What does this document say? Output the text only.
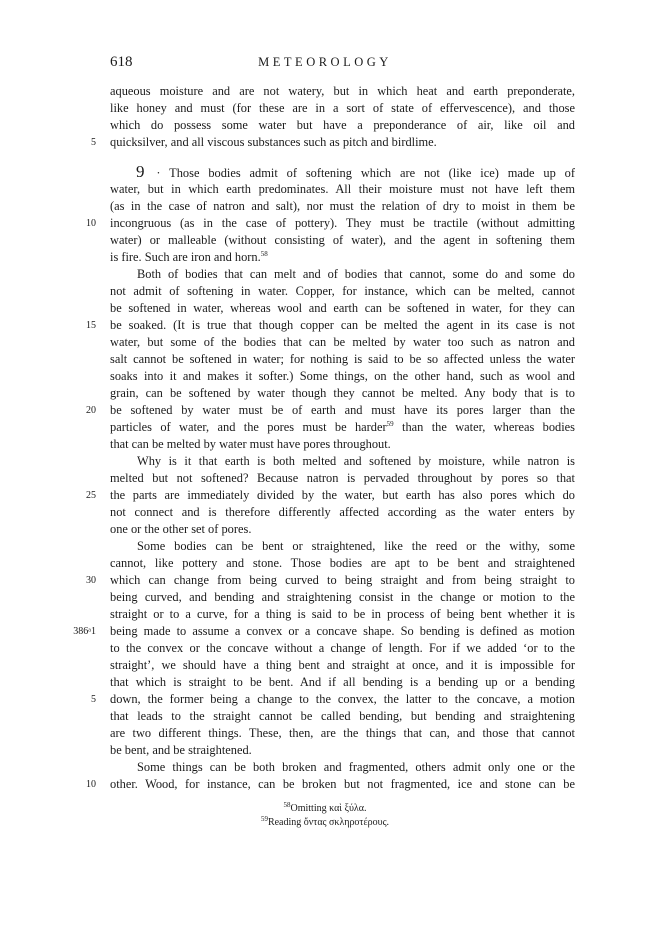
618	METEOROLOGY
aqueous moisture and are not watery, but in which heat and earth preponderate,
like honey and must (for these are in a sort of state of effervescence), and those
which do possess some water but have a preponderance of air, like oil and
quicksilver, and all viscous substances such as pitch and birdlime.
9 · Those bodies admit of softening which are not (like ice) made up of
water, but in which earth predominates. All their moisture must not have left them
(as in the case of natron and salt), nor must the relation of dry to moist in them be
incongruous (as in the case of pottery). They must be tractile (without admitting
water) or malleable (without consisting of water), and the agent in softening them
is fire. Such are iron and horn.$^{58}$
Both of bodies that can melt and of bodies that cannot, some do and some do
not admit of softening in water. Copper, for instance, which can be melted, cannot
be softened in water, whereas wool and earth can be softened in water, for they can
be soaked. (It is true that though copper can be melted the agent in its case is not
water, but some of the bodies that can be melted by water too such as natron and
salt cannot be softened in water; for nothing is said to be so affected unless the water
soaks into it and makes it softer.) Some things, on the other hand, such as wool and
grain, can be softened by water though they cannot be melted. Any body that is to
be softened by water must be of earth and must have its pores larger than the
particles of water, and the pores must be harder$^{59}$ than the water, whereas bodies
that can be melted by water must have pores throughout.
Why is it that earth is both melted and softened by moisture, while natron is
melted but not softened? Because natron is pervaded throughout by pores so that
the parts are immediately divided by the water, but earth has also pores which do
not connect and is therefore differently affected according as the water enters by
one or the other set of pores.
Some bodies can be bent or straightened, like the reed or the withy, some
cannot, like pottery and stone. Those bodies are apt to be bent and straightened
which can change from being curved to being straight and from being straight to
being curved, and bending and straightening consist in the change or motion to the
straight or to a curve, for a thing is said to be in process of being bent whether it is
being made to assume a convex or a concave shape. So bending is defined as motion
to the convex or the concave without a change of length. For if we added ‘or to the
straight’, we should have a thing bent and straight at once, and it is impossible for
that which is straight to be bent. And if all bending is a bending up or a bending
down, the former being a change to the convex, the latter to the concave, a motion
that leads to the straight cannot be called bending, but bending and straightening
are two different things. These, then, are the things that can, and those that cannot
be bent, and be straightened.
Some things can be both broken and fragmented, others admit only one or the
other. Wood, for instance, can be broken but not fragmented, ice and stone can be
5
10
15
20
25
30
386ᵃ1
5
10
$^{58}$Omitting καὶ ξύλα.
$^{59}$Reading ὄντας σκληροτέρους.
